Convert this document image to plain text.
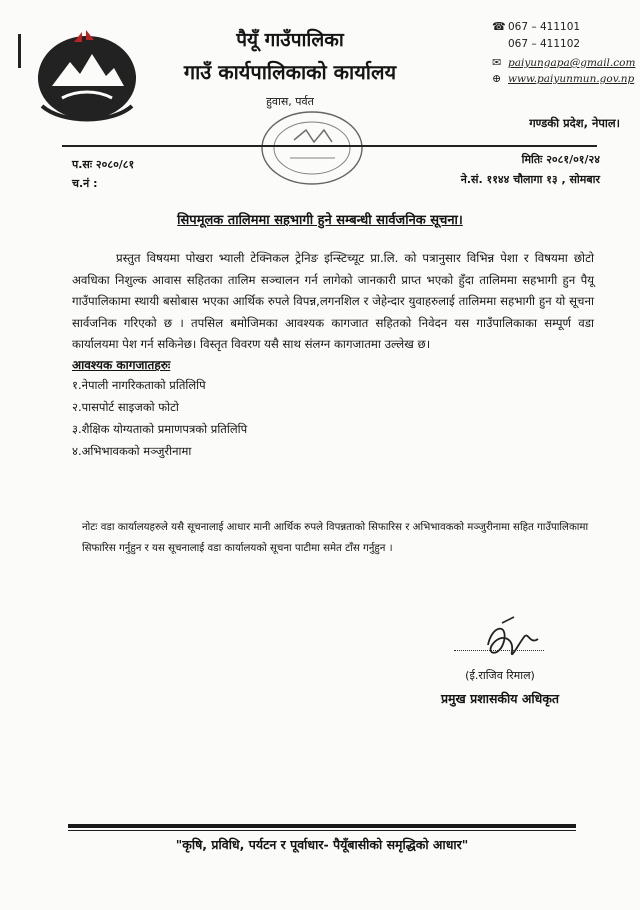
पैयूँ गाउँपालिका
गाउँ कार्यपालिकाको कार्यालय
हुवास, पर्वत
☎ 067 – 411101
067 – 411102
✉ paiyungapa@gmail.com
⊕ www.paiyunmun.gov.np
गण्डकी प्रदेश, नेपाल।
प.सः २०८०/८१
च.नं :
मितिः २०८१/०१/२४
ने.सं. ११४४ चौलागा १३ , सोमबार
सिपमूलक तालिममा सहभागी हुने सम्बन्धी सार्वजनिक सूचना।
प्रस्तुत विषयमा पोखरा भ्याली टेक्निकल ट्रेनिङ इन्स्टिच्यूट प्रा.लि. को पत्रानुसार विभिन्न पेशा र विषयमा छोटो अवधिका निशुल्क आवास सहितका तालिम सञ्चालन गर्न लागेको जानकारी प्राप्त भएको हुँदा तालिममा सहभागी हुन पैयू गाउँपालिकामा स्थायी बसोबास भएका आर्थिक रुपले विपन्न,लगनशिल र जेहेन्दार युवाहरुलाई तालिममा सहभागी हुन यो सूचना सार्वजनिक गरिएको छ । तपसिल बमोजिमका आवश्यक कागजात सहितको निवेदन यस गाउँपालिकाका सम्पूर्ण वडा कार्यालयमा पेश गर्न सकिनेछ। विस्तृत विवरण यसै साथ संलग्न कागजातमा उल्लेख छ।
आवश्यक कागजातहरुः
१.नेपाली नागरिकताको प्रतिलिपि
२.पासपोर्ट साइजको फोटो
३.शैक्षिक योग्यताको प्रमाणपत्रको प्रतिलिपि
४.अभिभावकको मञ्जुरीनामा
नोटः वडा कार्यालयहरुले यसै सूचनालाई आधार मानी आर्थिक रुपले विपन्नताको सिफारिस र अभिभावकको मञ्जुरीनामा सहित गाउँपालिकामा सिफारिस गर्नुहुन र यस सूचनालाई वडा कार्यालयको सूचना पाटीमा समेत टाँस गर्नुहुन ।
(ई.राजिव रिमाल)
प्रमुख प्रशासकीय अधिकृत
"कृषि, प्रविधि, पर्यटन र पूर्वाधार- पैयूँबासीको समृद्धिको आधार"
